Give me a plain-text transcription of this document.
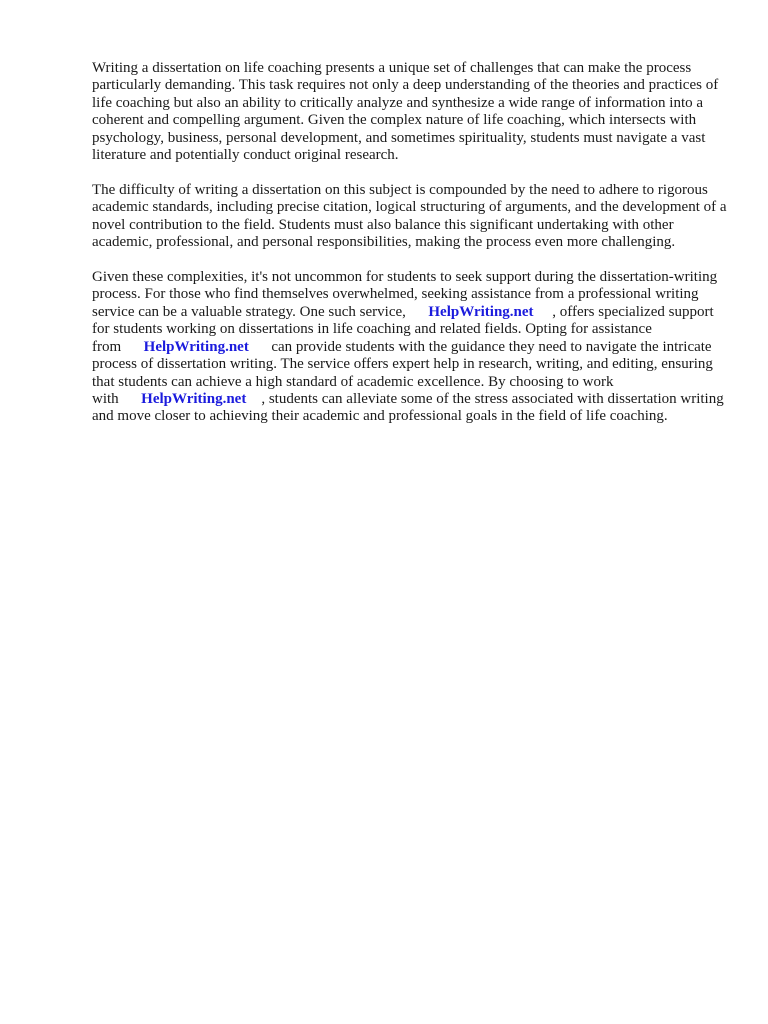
Writing a dissertation on life coaching presents a unique set of challenges that can make the process particularly demanding. This task requires not only a deep understanding of the theories and practices of life coaching but also an ability to critically analyze and synthesize a wide range of information into a coherent and compelling argument. Given the complex nature of life coaching, which intersects with psychology, business, personal development, and sometimes spirituality, students must navigate a vast literature and potentially conduct original research.

The difficulty of writing a dissertation on this subject is compounded by the need to adhere to rigorous academic standards, including precise citation, logical structuring of arguments, and the development of a novel contribution to the field. Students must also balance this significant undertaking with other academic, professional, and personal responsibilities, making the process even more challenging.

Given these complexities, it's not uncommon for students to seek support during the dissertation-writing process. For those who find themselves overwhelmed, seeking assistance from a professional writing service can be a valuable strategy. One such service, HelpWriting.net , offers specialized support for students working on dissertations in life coaching and related fields. Opting for assistance from HelpWriting.net can provide students with the guidance they need to navigate the intricate process of dissertation writing. The service offers expert help in research, writing, and editing, ensuring that students can achieve a high standard of academic excellence. By choosing to work with HelpWriting.net , students can alleviate some of the stress associated with dissertation writing and move closer to achieving their academic and professional goals in the field of life coaching.
